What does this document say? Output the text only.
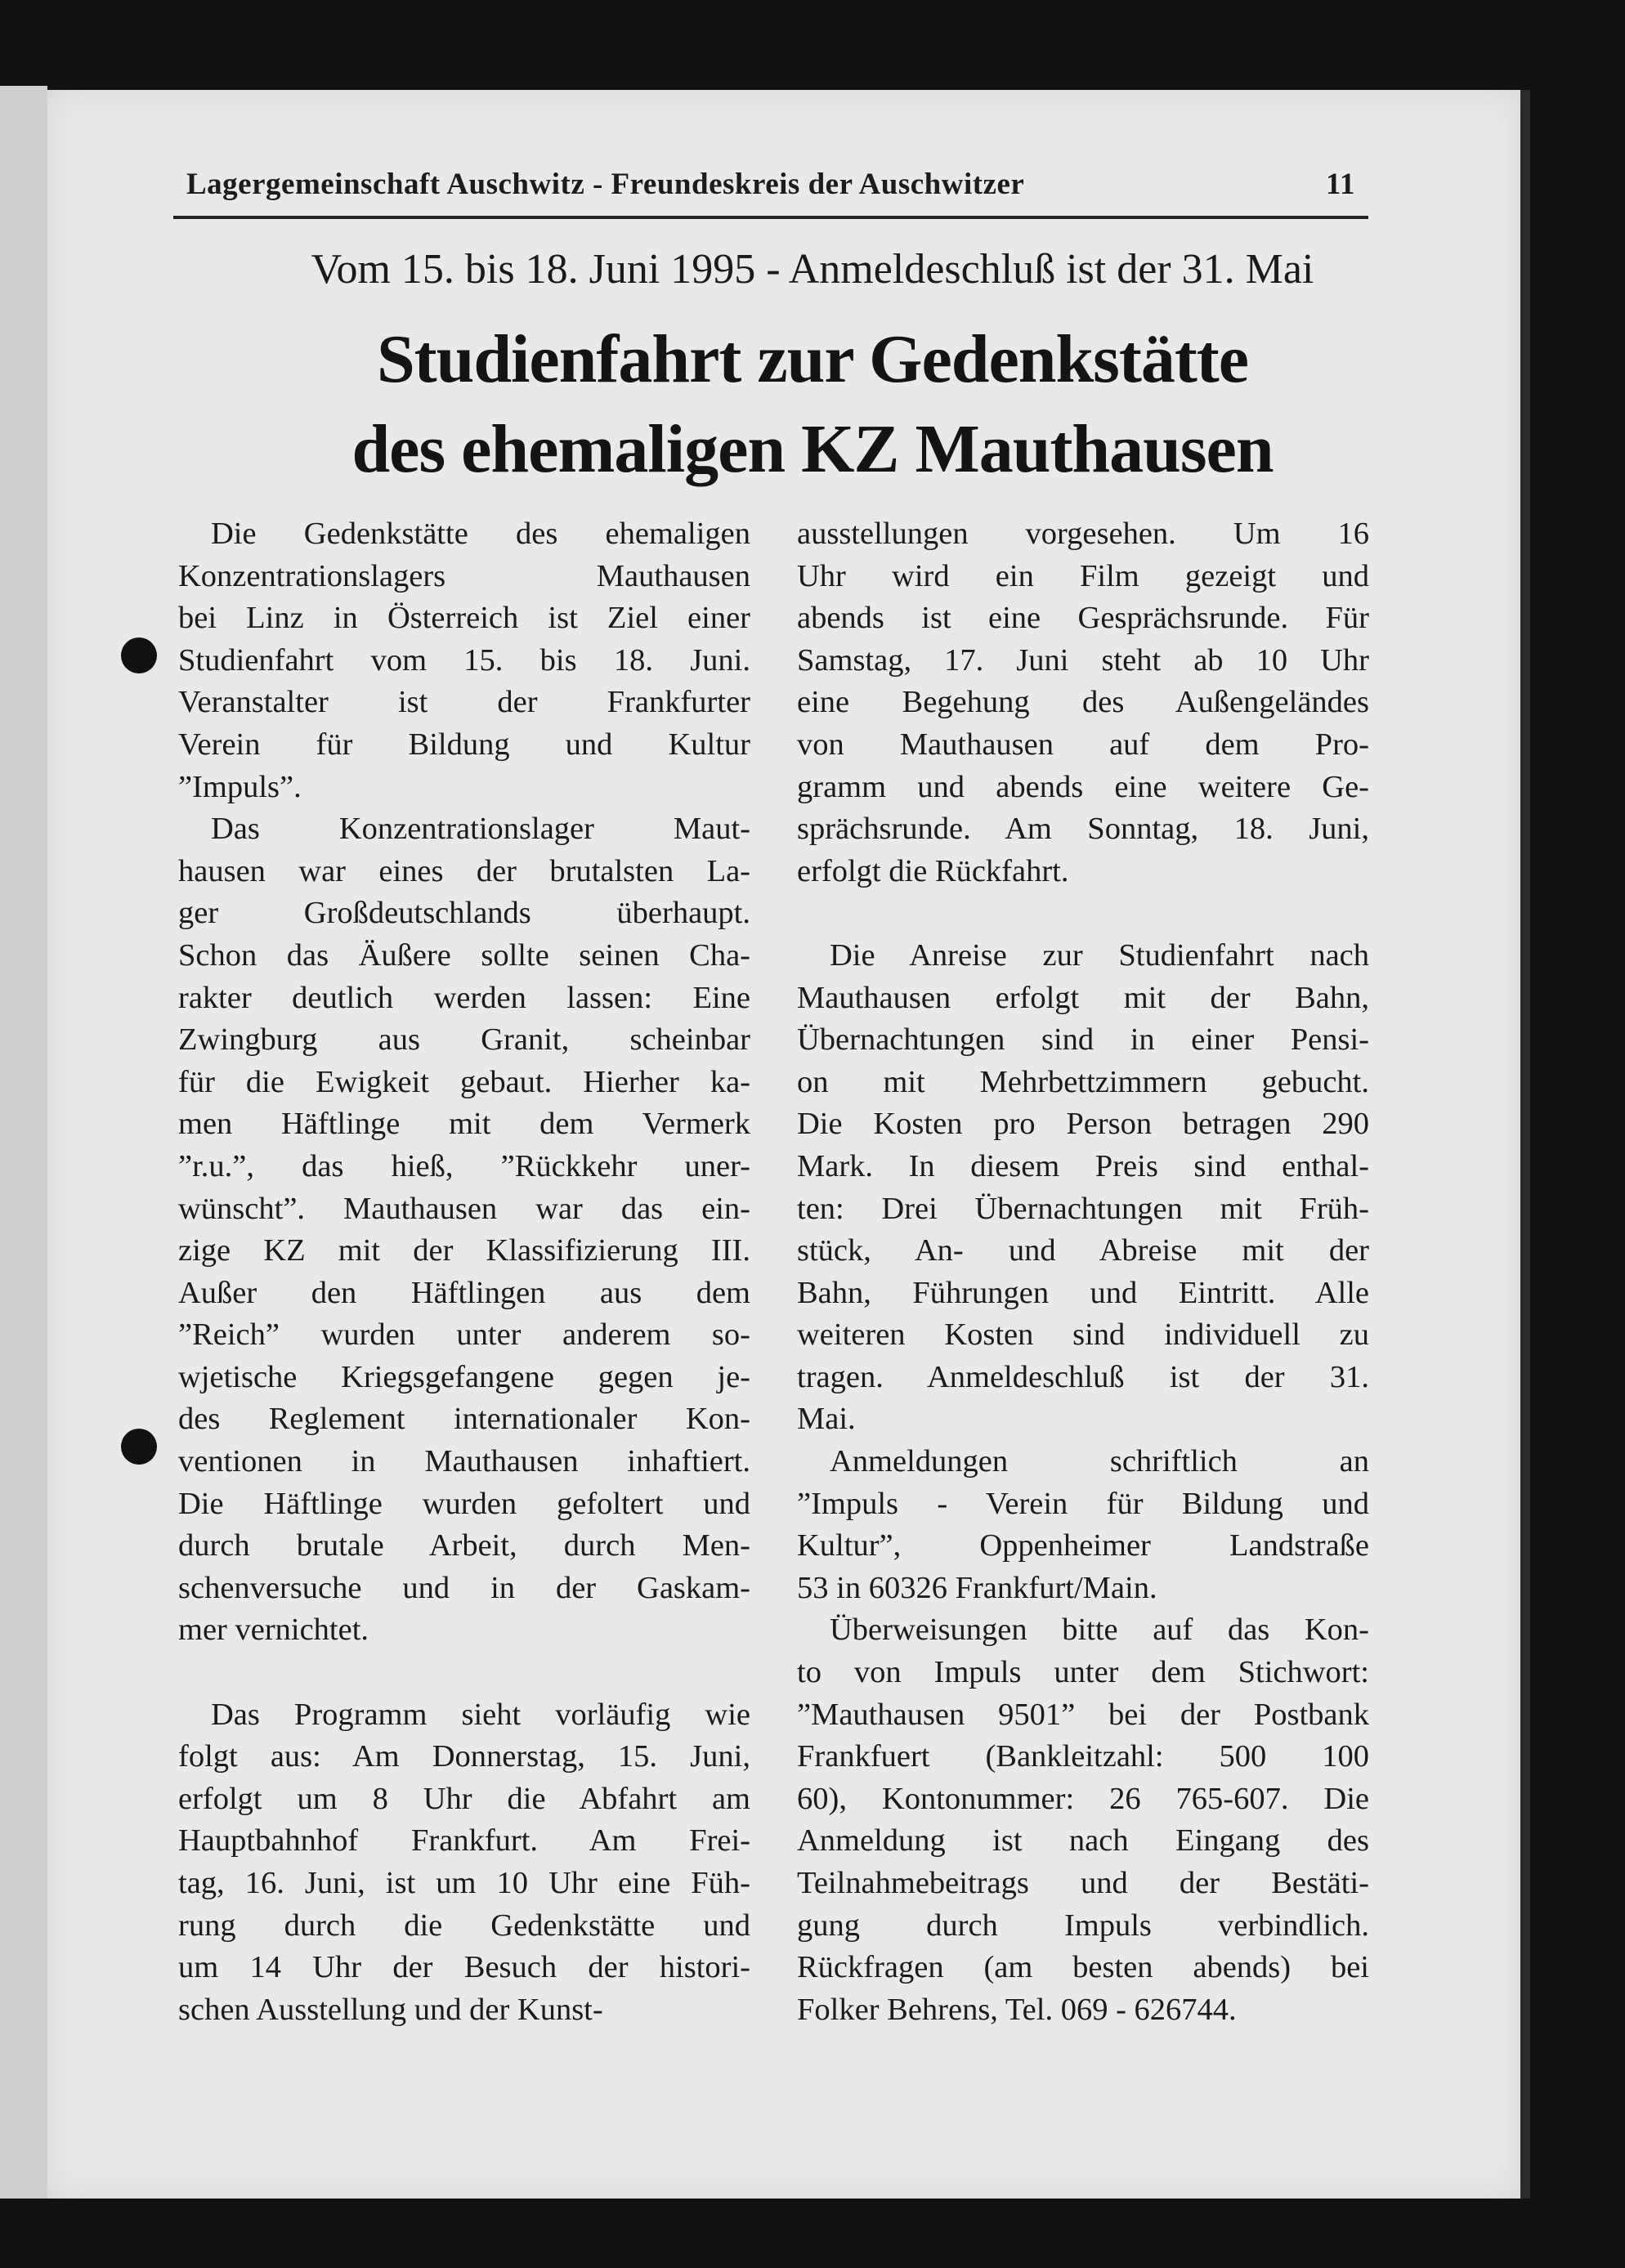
Lagergemeinschaft Auschwitz - Freundeskreis der Auschwitzer	11
Vom 15. bis 18. Juni 1995 - Anmeldeschluß ist der 31. Mai
Studienfahrt zur Gedenkstätte
des ehemaligen KZ Mauthausen
Die Gedenkstätte des ehemaligen
Konzentrationslagers Mauthausen
bei Linz in Österreich ist Ziel einer
Studienfahrt vom 15. bis 18. Juni.
Veranstalter ist der Frankfurter
Verein für Bildung und Kultur
”Impuls”.
Das Konzentrationslager Maut-
hausen war eines der brutalsten La-
ger Großdeutschlands überhaupt.
Schon das Äußere sollte seinen Cha-
rakter deutlich werden lassen: Eine
Zwingburg aus Granit, scheinbar
für die Ewigkeit gebaut. Hierher ka-
men Häftlinge mit dem Vermerk
”r.u.”, das hieß, ”Rückkehr uner-
wünscht”. Mauthausen war das ein-
zige KZ mit der Klassifizierung III.
Außer den Häftlingen aus dem
”Reich” wurden unter anderem so-
wjetische Kriegsgefangene gegen je-
des Reglement internationaler Kon-
ventionen in Mauthausen inhaftiert.
Die Häftlinge wurden gefoltert und
durch brutale Arbeit, durch Men-
schenversuche und in der Gaskam-
mer vernichtet.
Das Programm sieht vorläufig wie
folgt aus: Am Donnerstag, 15. Juni,
erfolgt um 8 Uhr die Abfahrt am
Hauptbahnhof Frankfurt. Am Frei-
tag, 16. Juni, ist um 10 Uhr eine Füh-
rung durch die Gedenkstätte und
um 14 Uhr der Besuch der histori-
schen Ausstellung und der Kunst-
ausstellungen vorgesehen. Um 16
Uhr wird ein Film gezeigt und
abends ist eine Gesprächsrunde. Für
Samstag, 17. Juni steht ab 10 Uhr
eine Begehung des Außengeländes
von Mauthausen auf dem Pro-
gramm und abends eine weitere Ge-
sprächsrunde. Am Sonntag, 18. Juni,
erfolgt die Rückfahrt.
Die Anreise zur Studienfahrt nach
Mauthausen erfolgt mit der Bahn,
Übernachtungen sind in einer Pensi-
on mit Mehrbettzimmern gebucht.
Die Kosten pro Person betragen 290
Mark. In diesem Preis sind enthal-
ten: Drei Übernachtungen mit Früh-
stück, An- und Abreise mit der
Bahn, Führungen und Eintritt. Alle
weiteren Kosten sind individuell zu
tragen. Anmeldeschluß ist der 31.
Mai.
Anmeldungen schriftlich an
”Impuls - Verein für Bildung und
Kultur”, Oppenheimer Landstraße
53 in 60326 Frankfurt/Main.
Überweisungen bitte auf das Kon-
to von Impuls unter dem Stichwort:
”Mauthausen 9501” bei der Postbank
Frankfuert (Bankleitzahl: 500 100
60), Kontonummer: 26 765-607. Die
Anmeldung ist nach Eingang des
Teilnahmebeitrags und der Bestäti-
gung durch Impuls verbindlich.
Rückfragen (am besten abends) bei
Folker Behrens, Tel. 069 - 626744.
